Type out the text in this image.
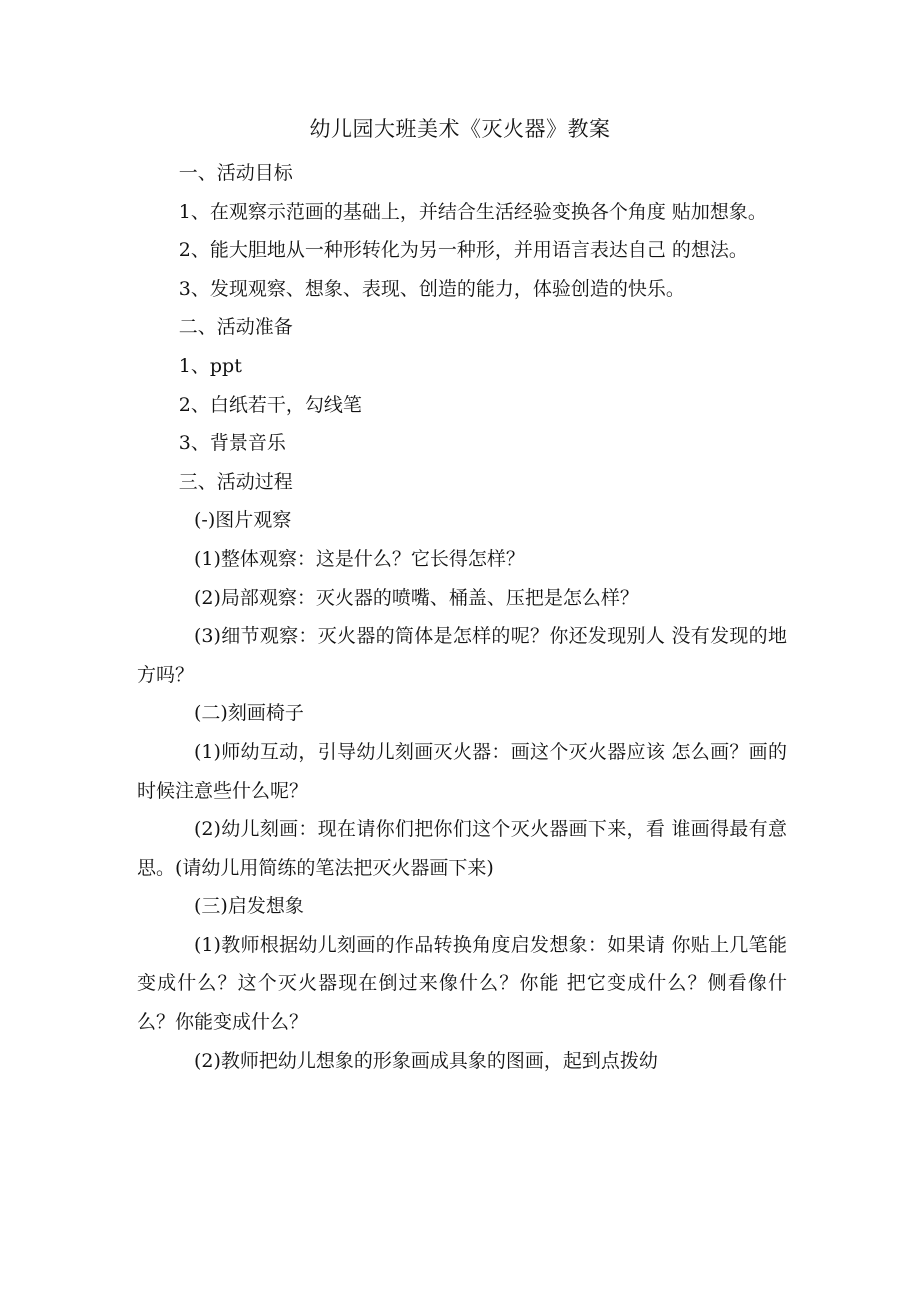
幼儿园大班美术《灭火器》教案

一、活动目标

1、在观察示范画的基础上，并结合生活经验变换各个角度 贴加想象。

2、能大胆地从一种形转化为另一种形，并用语言表达自己 的想法。

3、发现观察、想象、表现、创造的能力，体验创造的快乐。

二、活动准备

1、ppt

2、白纸若干，勾线笔

3、背景音乐

三、活动过程

(-)图片观察

(1)整体观察：这是什么？它长得怎样？

(2)局部观察：灭火器的喷嘴、桶盖、压把是怎么样？

(3)细节观察：灭火器的筒体是怎样的呢？你还发现别人 没有发现的地方吗？

(二)刻画椅子

(1)师幼互动，引导幼儿刻画灭火器：画这个灭火器应该 怎么画？画的时候注意些什么呢？

(2)幼儿刻画：现在请你们把你们这个灭火器画下来，看 谁画得最有意思。(请幼儿用简练的笔法把灭火器画下来)

(三)启发想象

(1)教师根据幼儿刻画的作品转换角度启发想象：如果请 你贴上几笔能变成什么？这个灭火器现在倒过来像什么？你能 把它变成什么？侧看像什么？你能变成什么？

(2)教师把幼儿想象的形象画成具象的图画，起到点拨幼
